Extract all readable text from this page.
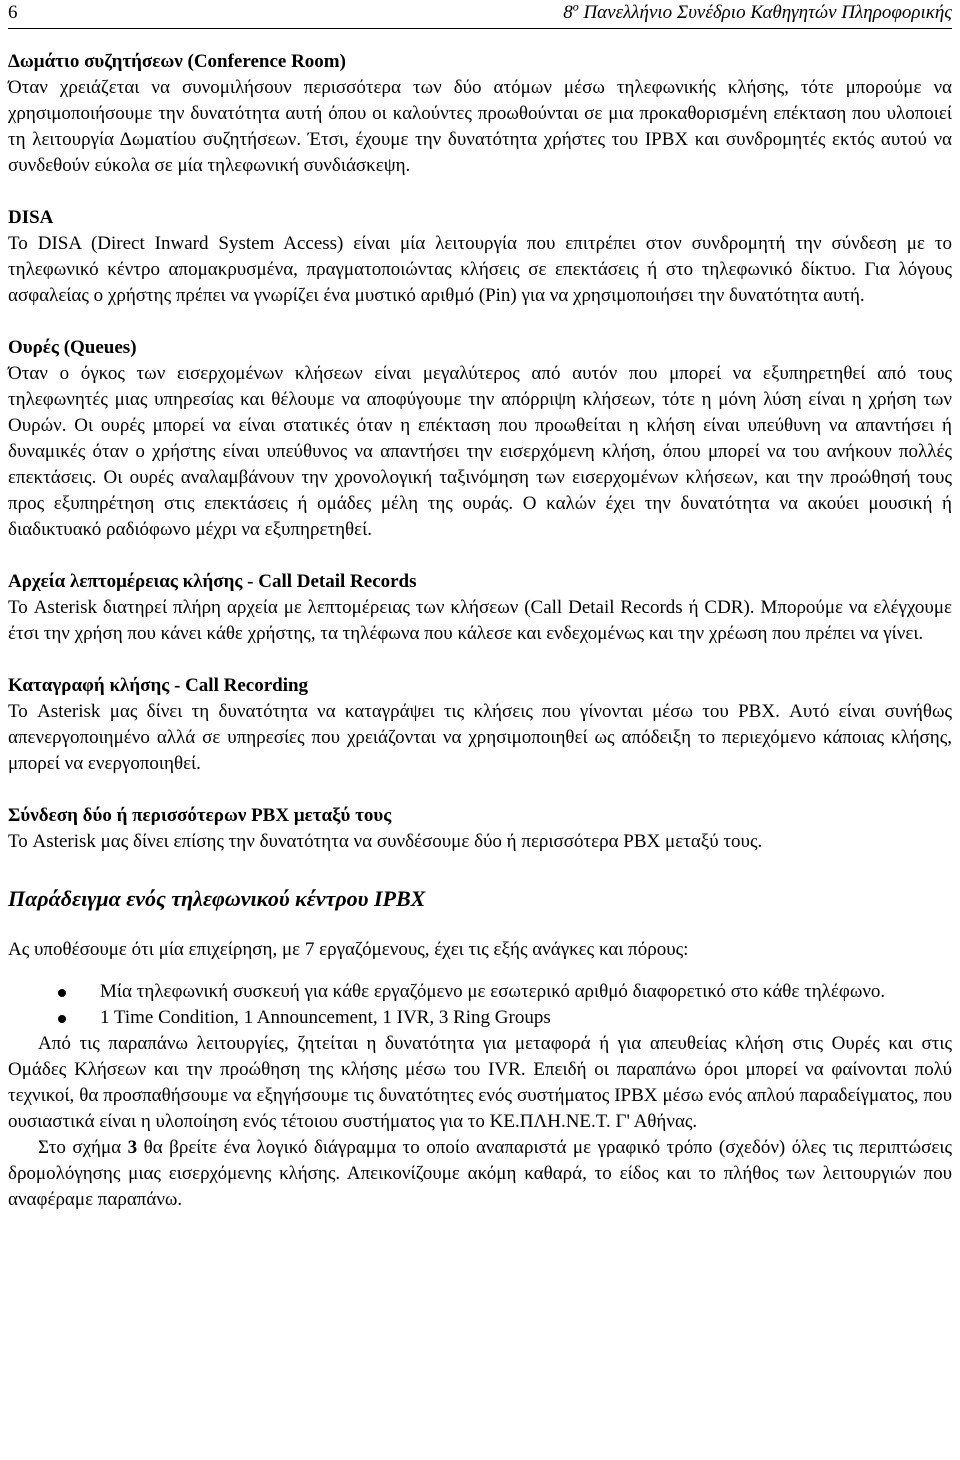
6	$8^o$ Πανελλήνιο Συνέδριο Καθηγητών Πληροφορικής
Δωμάτιο συζητήσεων (Conference Room)

Όταν χρειάζεται να συνομιλήσουν περισσότερα των δύο ατόμων μέσω τηλεφωνικής κλήσης, τότε μπορούμε να χρησιμοποιήσουμε την δυνατότητα αυτή όπου οι καλούντες προωθούνται σε μια προκαθορισμένη επέκταση που υλοποιεί τη λειτουργία Δωματίου συζητήσεων. Έτσι, έχουμε την δυνατότητα χρήστες του IPBX και συνδρομητές εκτός αυτού να συνδεθούν εύκολα σε μία τηλεφωνική συνδιάσκεψη.

DISA

Το DISA (Direct Inward System Access) είναι μία λειτουργία που επιτρέπει στον συνδρομητή την σύνδεση με το τηλεφωνικό κέντρο απομακρυσμένα, πραγματοποιώντας κλήσεις σε επεκτάσεις ή στο τηλεφωνικό δίκτυο. Για λόγους ασφαλείας ο χρήστης πρέπει να γνωρίζει ένα μυστικό αριθμό (Pin) για να χρησιμοποιήσει την δυνατότητα αυτή.

Ουρές (Queues)

Όταν ο όγκος των εισερχομένων κλήσεων είναι μεγαλύτερος από αυτόν που μπορεί να εξυπηρετηθεί από τους τηλεφωνητές μιας υπηρεσίας και θέλουμε να αποφύγουμε την απόρριψη κλήσεων, τότε η μόνη λύση είναι η χρήση των Ουρών. Οι ουρές μπορεί να είναι στατικές όταν η επέκταση που προωθείται η κλήση είναι υπεύθυνη να απαντήσει ή δυναμικές όταν ο χρήστης είναι υπεύθυνος να απαντήσει την εισερχόμενη κλήση, όπου μπορεί να του ανήκουν πολλές επεκτάσεις. Οι ουρές αναλαμβάνουν την χρονολογική ταξινόμηση των εισερχομένων κλήσεων, και την προώθησή τους προς εξυπηρέτηση στις επεκτάσεις ή ομάδες μέλη της ουράς. Ο καλών έχει την δυνατότητα να ακούει μουσική ή διαδικτυακό ραδιόφωνο μέχρι να εξυπηρετηθεί.

Αρχεία λεπτομέρειας κλήσης - Call Detail Records

Το Asterisk διατηρεί πλήρη αρχεία με λεπτομέρειας των κλήσεων (Call Detail Records ή CDR). Μπορούμε να ελέγχουμε έτσι την χρήση που κάνει κάθε χρήστης, τα τηλέφωνα που κάλεσε και ενδεχομένως και την χρέωση που πρέπει να γίνει.

Καταγραφή κλήσης - Call Recording

Το Asterisk μας δίνει τη δυνατότητα να καταγράψει τις κλήσεις που γίνονται μέσω του PBX. Αυτό είναι συνήθως απενεργοποιημένο αλλά σε υπηρεσίες που χρειάζονται να χρησιμοποιηθεί ως απόδειξη το περιεχόμενο κάποιας κλήσης, μπορεί να ενεργοποιηθεί.

Σύνδεση δύο ή περισσότερων PBX μεταξύ τους

Το Asterisk μας δίνει επίσης την δυνατότητα να συνδέσουμε δύο ή περισσότερα PBX μεταξύ τους.

Παράδειγμα ενός τηλεφωνικού κέντρου IPBX

Ας υποθέσουμε ότι μία επιχείρηση, με 7 εργαζόμενους, έχει τις εξής ανάγκες και πόρους:

Μία τηλεφωνική συσκευή για κάθε εργαζόμενο με εσωτερικό αριθμό διαφορετικό στο κάθε τηλέφωνο.
1 Time Condition, 1 Announcement, 1 IVR, 3 Ring Groups

Από τις παραπάνω λειτουργίες, ζητείται η δυνατότητα για μεταφορά ή για απευθείας κλήση στις Ουρές και στις Ομάδες Κλήσεων και την προώθηση της κλήσης μέσω του IVR. Επειδή οι παραπάνω όροι μπορεί να φαίνονται πολύ τεχνικοί, θα προσπαθήσουμε να εξηγήσουμε τις δυνατότητες ενός συστήματος IPBX μέσω ενός απλού παραδείγματος, που ουσιαστικά είναι η υλοποίηση ενός τέτοιου συστήματος για το ΚΕ.ΠΛΗ.ΝΕ.Τ. Γ' Αθήνας.

Στο σχήμα 3 θα βρείτε ένα λογικό διάγραμμα το οποίο αναπαριστά με γραφικό τρόπο (σχεδόν) όλες τις περιπτώσεις δρομολόγησης μιας εισερχόμενης κλήσης. Απεικονίζουμε ακόμη καθαρά, το είδος και το πλήθος των λειτουργιών που αναφέραμε παραπάνω.
